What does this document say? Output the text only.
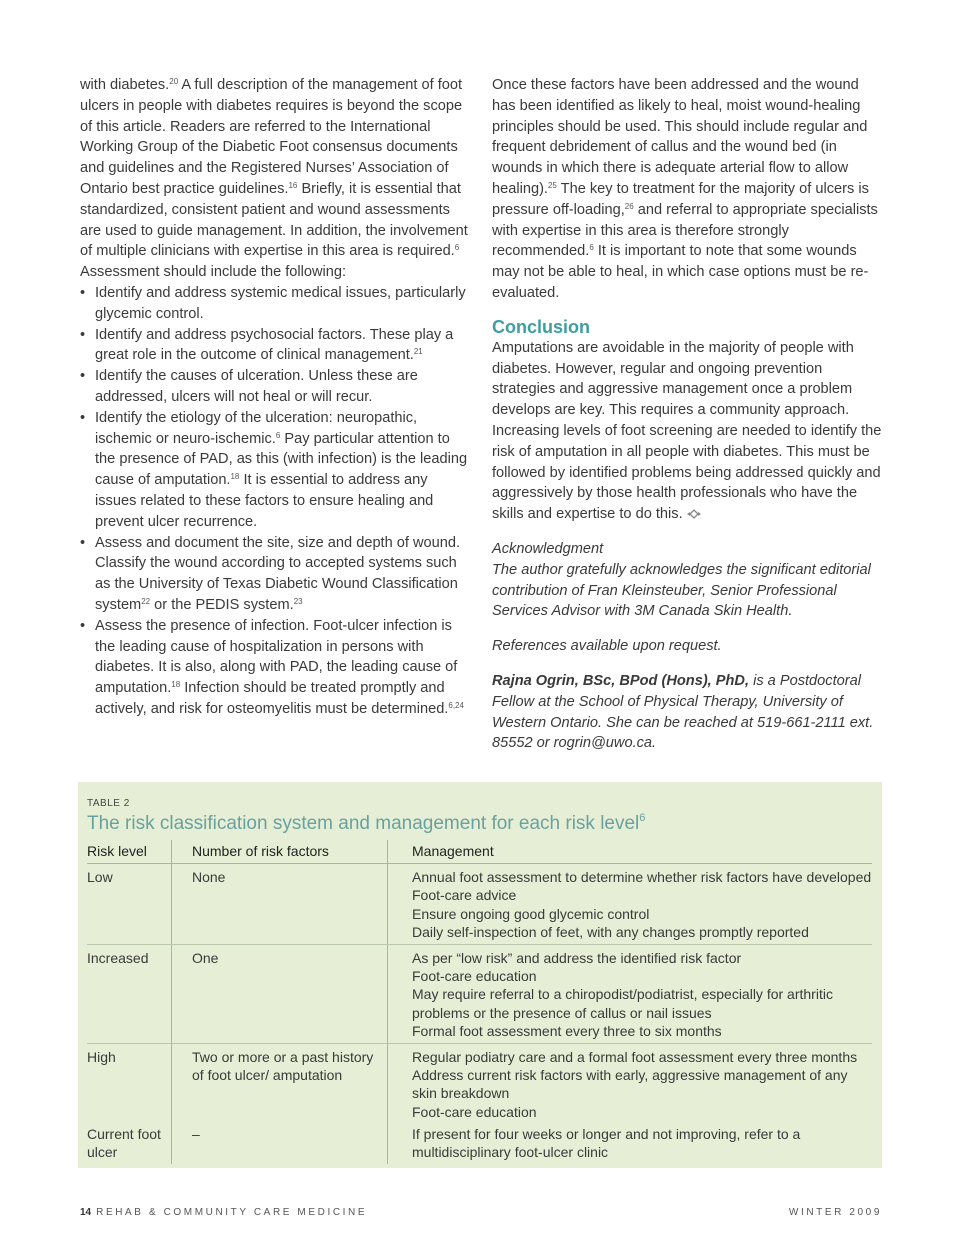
with diabetes.$^{20}$ A full description of the management of foot ulcers in people with diabetes requires is beyond the scope of this article. Readers are referred to the International Working Group of the Diabetic Foot consensus documents and guidelines and the Registered Nurses’ Association of Ontario best practice guidelines.$^{16}$ Briefly, it is essential that standardized, consistent patient and wound assessments are used to guide management. In addition, the involvement of multiple clinicians with expertise in this area is required.$^6$ Assessment should include the following:

• Identify and address systemic medical issues, particularly glycemic control.
• Identify and address psychosocial factors. These play a great role in the outcome of clinical management.$^{21}$
• Identify the causes of ulceration. Unless these are addressed, ulcers will not heal or will recur.
• Identify the etiology of the ulceration: neuropathic, ischemic or neuro-ischemic.$^6$ Pay particular attention to the presence of PAD, as this (with infection) is the leading cause of amputation.$^{18}$ It is essential to address any issues related to these factors to ensure healing and prevent ulcer recurrence.
• Assess and document the site, size and depth of wound. Classify the wound according to accepted systems such as the University of Texas Diabetic Wound Classification system$^{22}$ or the PEDIS system.$^{23}$
• Assess the presence of infection. Foot-ulcer infection is the leading cause of hospitalization in persons with diabetes. It is also, along with PAD, the leading cause of amputation.$^{18}$ Infection should be treated promptly and actively, and risk for osteomyelitis must be determined.$^{6,24}$

Once these factors have been addressed and the wound has been identified as likely to heal, moist wound-healing principles should be used. This should include regular and frequent debridement of callus and the wound bed (in wounds in which there is adequate arterial flow to allow healing).$^{25}$ The key to treatment for the majority of ulcers is pressure off-loading,$^{26}$ and referral to appropriate specialists with expertise in this area is therefore strongly recommended.$^6$ It is important to note that some wounds may not be able to heal, in which case options must be re-evaluated.

Conclusion

Amputations are avoidable in the majority of people with diabetes. However, regular and ongoing prevention strategies and aggressive management once a problem develops are key. This requires a community approach. Increasing levels of foot screening are needed to identify the risk of amputation in all people with diabetes. This must be followed by identified problems being addressed quickly and aggressively by those health professionals who have the skills and expertise to do this.

Acknowledgment

The author gratefully acknowledges the significant editorial contribution of Fran Kleinsteuber, Senior Professional Services Advisor with 3M Canada Skin Health.

References available upon request.

Rajna Ogrin, BSc, BPod (Hons), PhD, is a Postdoctoral Fellow at the School of Physical Therapy, University of Western Ontario. She can be reached at 519-661-2111 ext. 85552 or rogrin@uwo.ca.

TABLE 2
The risk classification system and management for each risk level$^6$
Risk level	Number of risk factors	Management
Low	None	Annual foot assessment to determine whether risk factors have developed
Foot-care advice
Ensure ongoing good glycemic control
Daily self-inspection of feet, with any changes promptly reported

Increased	One	As per “low risk” and address the identified risk factor
Foot-care education
May require referral to a chiropodist/podiatrist, especially for arthritic problems or the presence of callus or nail issues
Formal foot assessment every three to six months

High	Two or more or a past history of foot ulcer/ amputation	Regular podiatry care and a formal foot assessment every three months
Address current risk factors with early, aggressive management of any skin breakdown
Foot-care education

Current foot ulcer	–	If present for four weeks or longer and not improving, refer to a multidisciplinary foot-ulcer clinic
14 REHAB & COMMUNITY CARE MEDICINE	WINTER 2009
